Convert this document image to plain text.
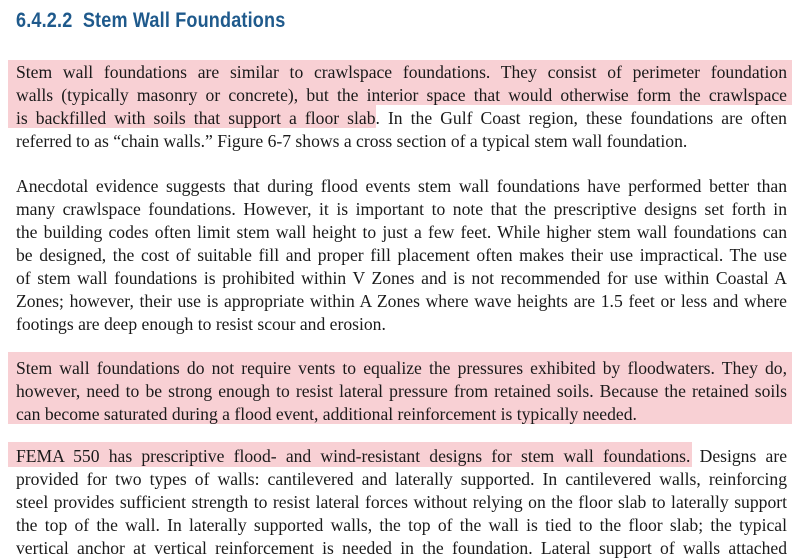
6.4.2.2 Stem Wall Foundations
Stem wall foundations are similar to crawlspace foundations. They consist of perimeter foundation
walls (typically masonry or concrete), but the interior space that would otherwise form the crawlspace
is backfilled with soils that support a floor slab. In the Gulf Coast region, these foundations are often
referred to as “chain walls.” Figure 6-7 shows a cross section of a typical stem wall foundation.
Anecdotal evidence suggests that during flood events stem wall foundations have performed better than
many crawlspace foundations. However, it is important to note that the prescriptive designs set forth in
the building codes often limit stem wall height to just a few feet. While higher stem wall foundations can
be designed, the cost of suitable fill and proper fill placement often makes their use impractical. The use
of stem wall foundations is prohibited within V Zones and is not recommended for use within Coastal A
Zones; however, their use is appropriate within A Zones where wave heights are 1.5 feet or less and where
footings are deep enough to resist scour and erosion.
Stem wall foundations do not require vents to equalize the pressures exhibited by floodwaters. They do,
however, need to be strong enough to resist lateral pressure from retained soils. Because the retained soils
can become saturated during a flood event, additional reinforcement is typically needed.
FEMA 550 has prescriptive flood- and wind-resistant designs for stem wall foundations. Designs are
provided for two types of walls: cantilevered and laterally supported. In cantilevered walls, reinforcing
steel provides sufficient strength to resist lateral forces without relying on the floor slab to laterally support
the top of the wall. In laterally supported walls, the top of the wall is tied to the floor slab; the typical
vertical anchor at vertical reinforcement is needed in the foundation. Lateral support of walls attached
